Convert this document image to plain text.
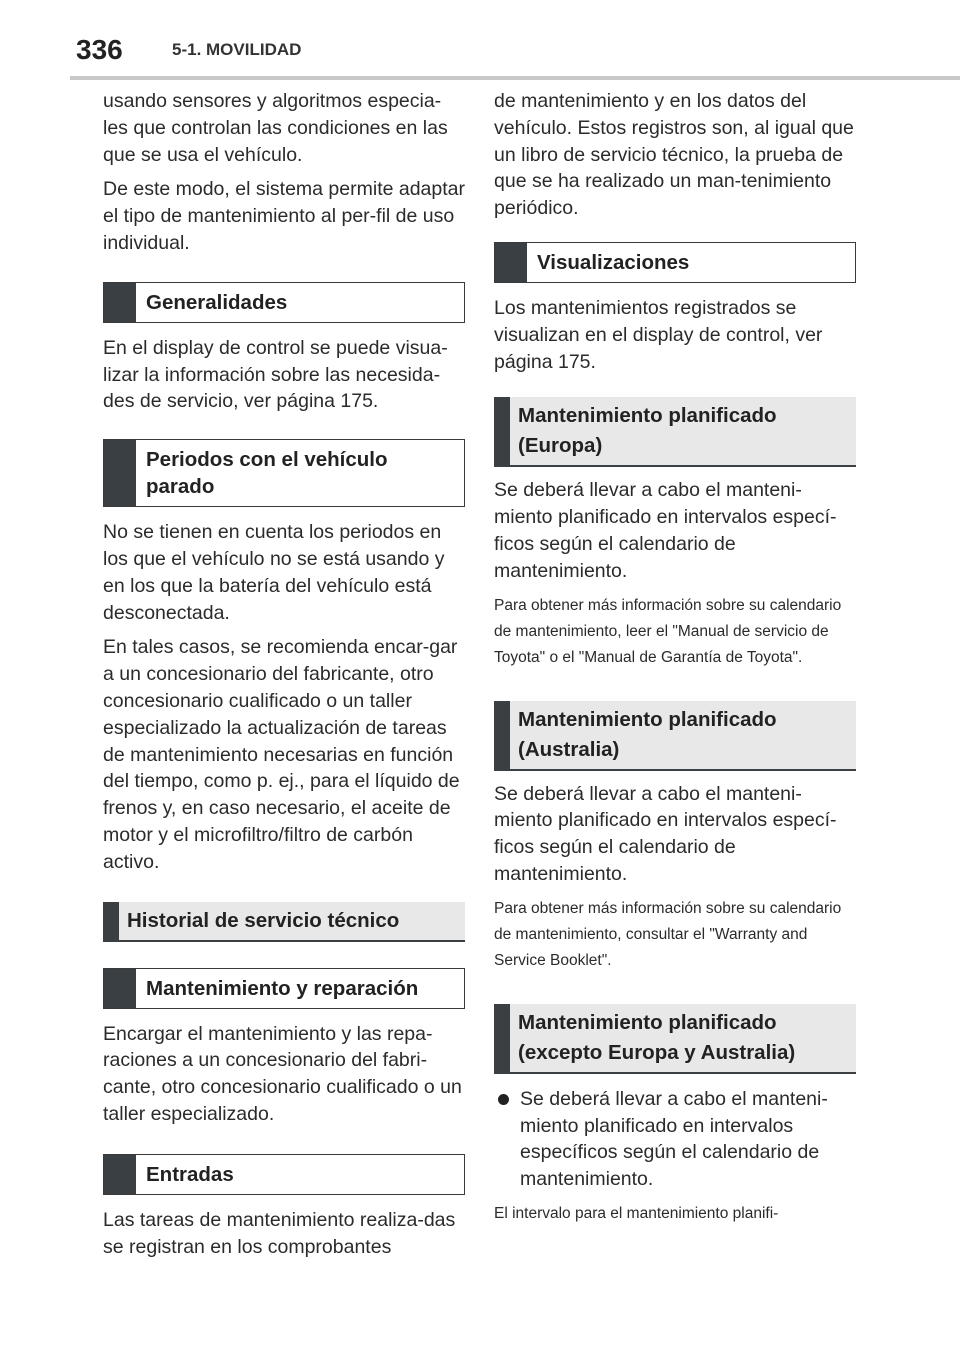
336	5-1. MOVILIDAD

usando sensores y algoritmos especia-les que controlan las condiciones en las que se usa el vehículo.

De este modo, el sistema permite adaptar el tipo de mantenimiento al per-fil de uso individual.

Generalidades

En el display de control se puede visua-lizar la información sobre las necesida-des de servicio, ver página 175.

Periodos con el vehículo parado

No se tienen en cuenta los periodos en los que el vehículo no se está usando y en los que la batería del vehículo está desconectada.

En tales casos, se recomienda encar-gar a un concesionario del fabricante, otro concesionario cualificado o un taller especializado la actualización de tareas de mantenimiento necesarias en función del tiempo, como p. ej., para el líquido de frenos y, en caso necesario, el aceite de motor y el microfiltro/filtro de carbón activo.

Historial de servicio técnico
Mantenimiento y reparación

Encargar el mantenimiento y las repa-raciones a un concesionario del fabri-cante, otro concesionario cualificado o un taller especializado.

Entradas

Las tareas de mantenimiento realiza-das se registran en los comprobantes

de mantenimiento y en los datos del vehículo. Estos registros son, al igual que un libro de servicio técnico, la prueba de que se ha realizado un man-tenimiento periódico.

Visualizaciones

Los mantenimientos registrados se visualizan en el display de control, ver página 175.

Mantenimiento planificado (Europa)

Se deberá llevar a cabo el manteni-miento planificado en intervalos especí-ficos según el calendario de mantenimiento.

Para obtener más información sobre su calendario de mantenimiento, leer el "Manual de servicio de Toyota" o el "Manual de Garantía de Toyota".

Mantenimiento planificado (Australia)

Se deberá llevar a cabo el manteni-miento planificado en intervalos especí-ficos según el calendario de mantenimiento.

Para obtener más información sobre su calendario de mantenimiento, consultar el "Warranty and Service Booklet".

Mantenimiento planificado (excepto Europa y Australia)

Se deberá llevar a cabo el manteni-miento planificado en intervalos específicos según el calendario de mantenimiento.

El intervalo para el mantenimiento planifi-
